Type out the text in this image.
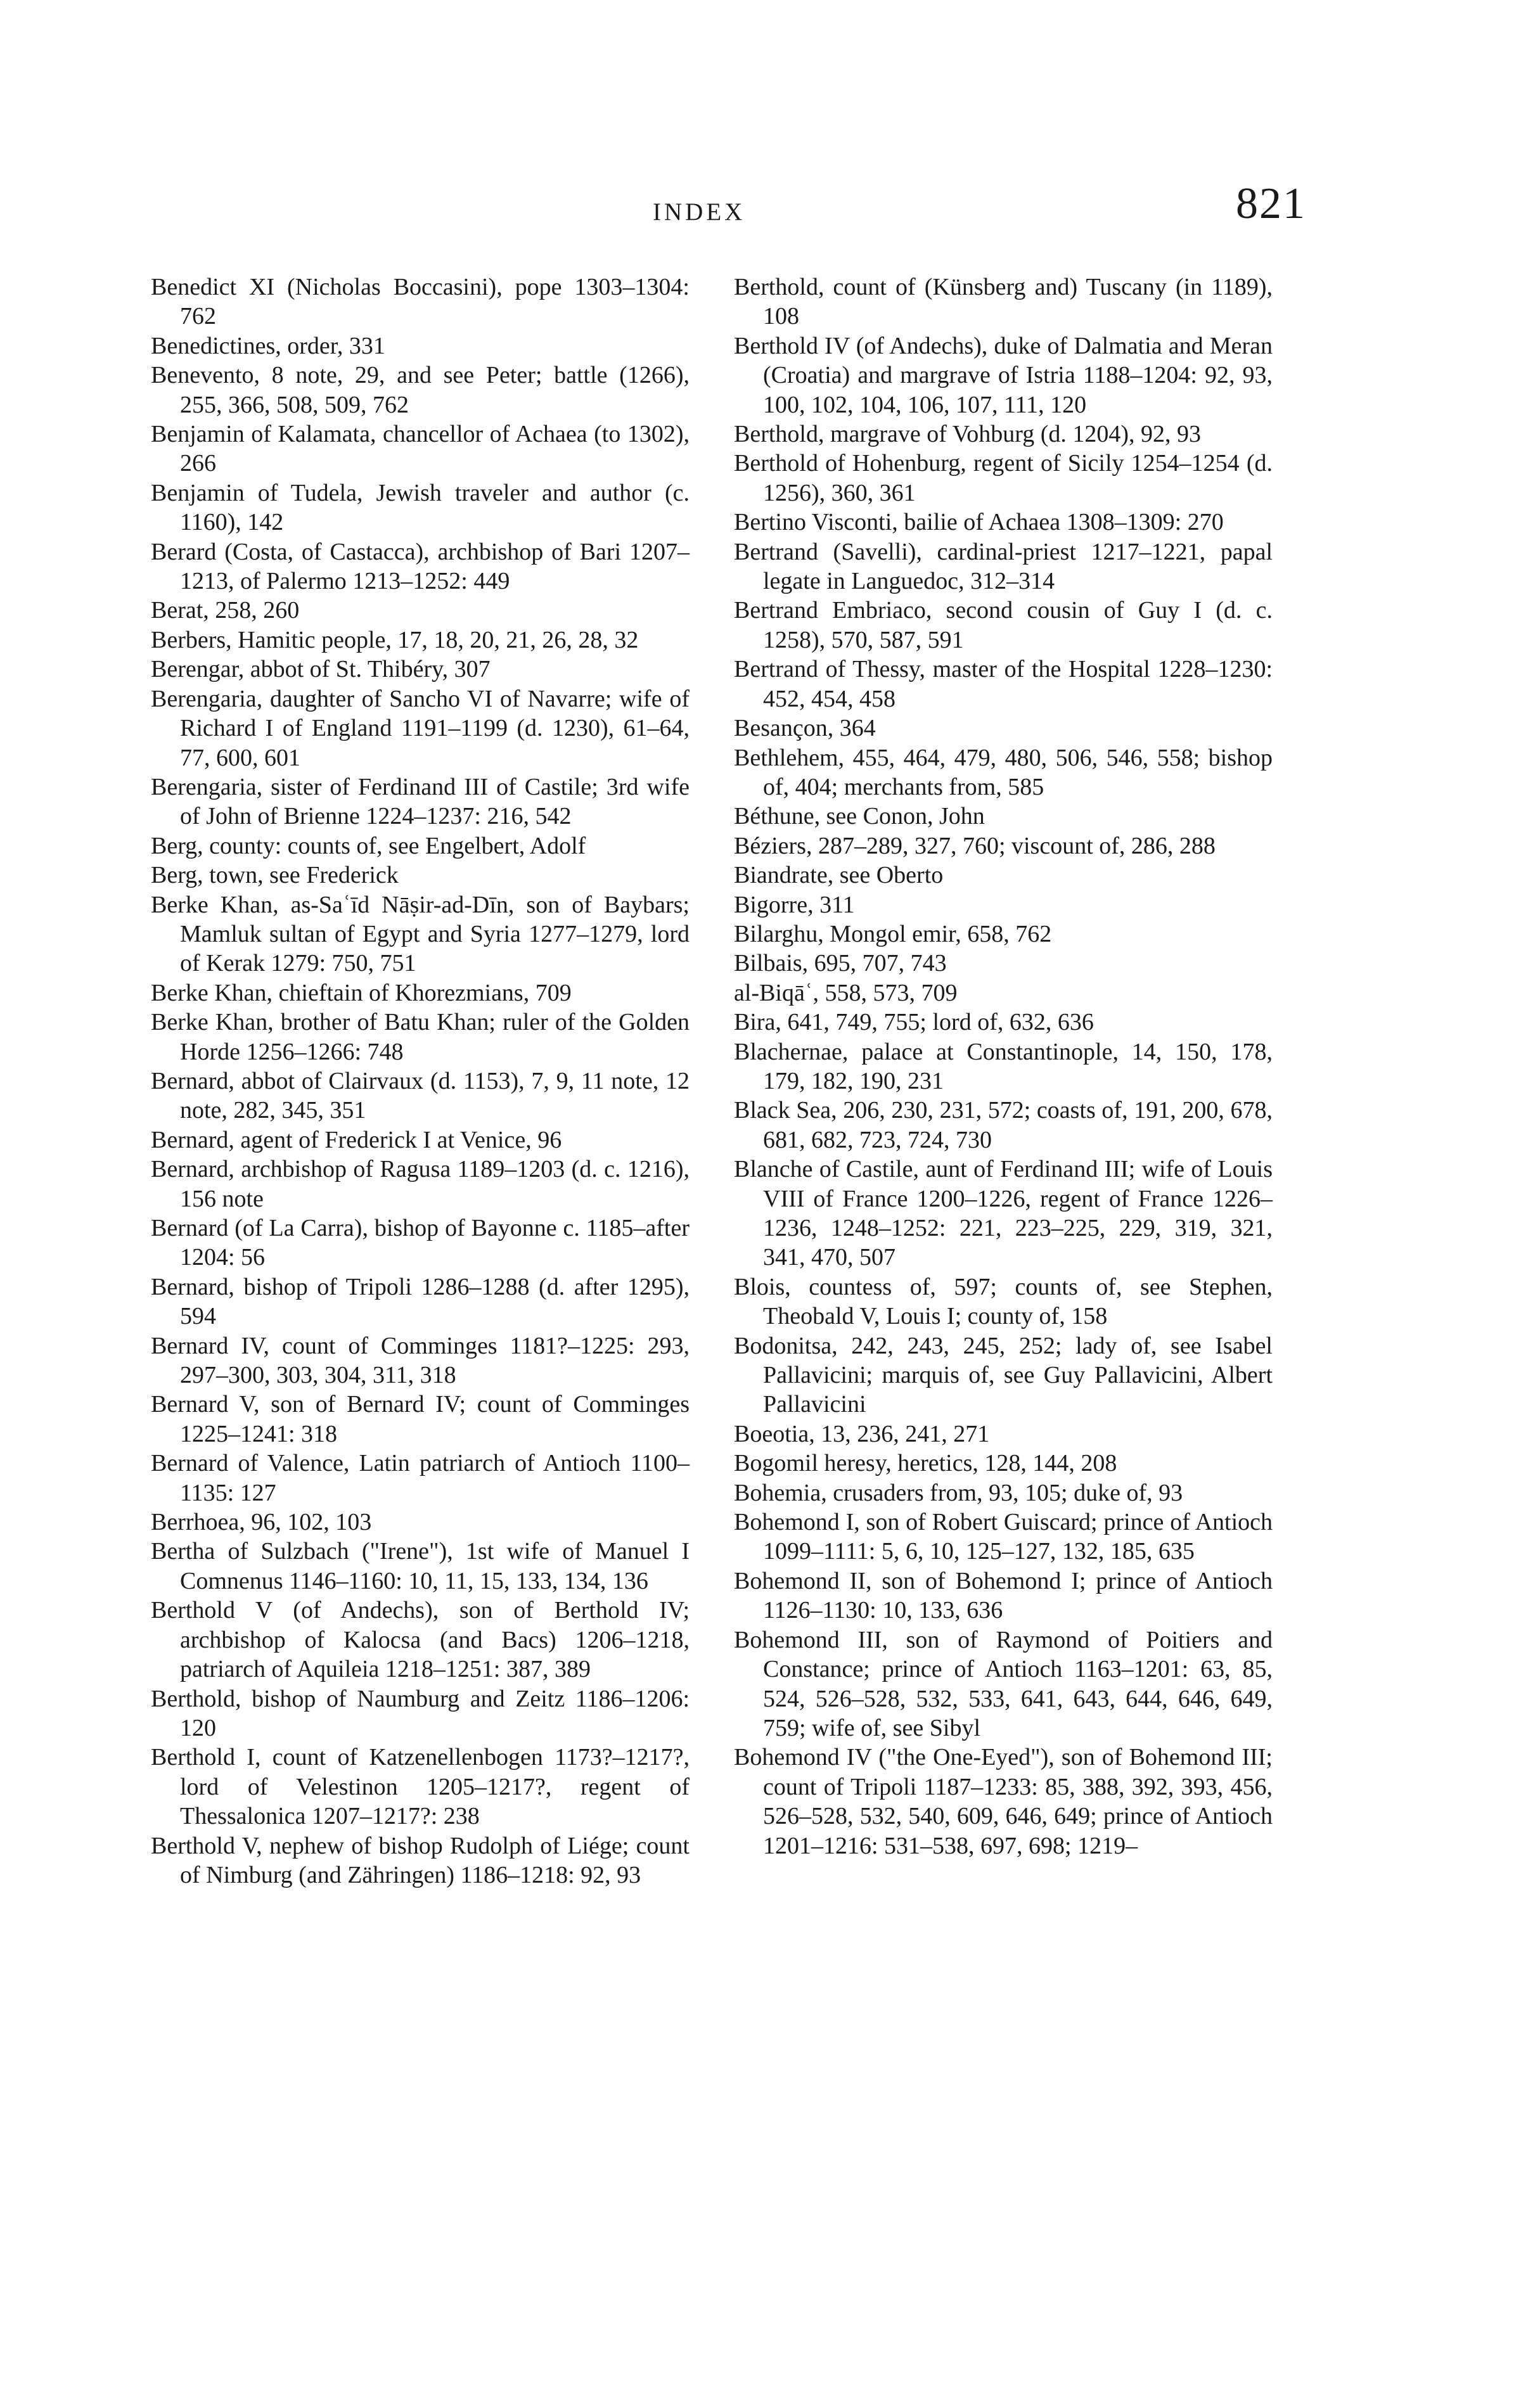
INDEX	821
Benedict XI (Nicholas Boccasini), pope 1303–1304: 762
Benedictines, order, 331
Benevento, 8 note, 29, and see Peter; battle (1266), 255, 366, 508, 509, 762
Benjamin of Kalamata, chancellor of Achaea (to 1302), 266
Benjamin of Tudela, Jewish traveler and author (c. 1160), 142
Berard (Costa, of Castacca), archbishop of Bari 1207–1213, of Palermo 1213–1252: 449
Berat, 258, 260
Berbers, Hamitic people, 17, 18, 20, 21, 26, 28, 32
Berengar, abbot of St. Thibéry, 307
Berengaria, daughter of Sancho VI of Navarre; wife of Richard I of England 1191–1199 (d. 1230), 61–64, 77, 600, 601
Berengaria, sister of Ferdinand III of Castile; 3rd wife of John of Brienne 1224–1237: 216, 542
Berg, county: counts of, see Engelbert, Adolf
Berg, town, see Frederick
Berke Khan, as-Saʿīd Nāṣir-ad-Dīn, son of Baybars; Mamluk sultan of Egypt and Syria 1277–1279, lord of Kerak 1279: 750, 751
Berke Khan, chieftain of Khorezmians, 709
Berke Khan, brother of Batu Khan; ruler of the Golden Horde 1256–1266: 748
Bernard, abbot of Clairvaux (d. 1153), 7, 9, 11 note, 12 note, 282, 345, 351
Bernard, agent of Frederick I at Venice, 96
Bernard, archbishop of Ragusa 1189–1203 (d. c. 1216), 156 note
Bernard (of La Carra), bishop of Bayonne c. 1185–after 1204: 56
Bernard, bishop of Tripoli 1286–1288 (d. after 1295), 594
Bernard IV, count of Comminges 1181?–1225: 293, 297–300, 303, 304, 311, 318
Bernard V, son of Bernard IV; count of Comminges 1225–1241: 318
Bernard of Valence, Latin patriarch of Antioch 1100–1135: 127
Berrhoea, 96, 102, 103
Bertha of Sulzbach ("Irene"), 1st wife of Manuel I Comnenus 1146–1160: 10, 11, 15, 133, 134, 136
Berthold V (of Andechs), son of Berthold IV; archbishop of Kalocsa (and Bacs) 1206–1218, patriarch of Aquileia 1218–1251: 387, 389
Berthold, bishop of Naumburg and Zeitz 1186–1206: 120
Berthold I, count of Katzenellenbogen 1173?–1217?, lord of Velestinon 1205–1217?, regent of Thessalonica 1207–1217?: 238
Berthold V, nephew of bishop Rudolph of Liége; count of Nimburg (and Zähringen) 1186–1218: 92, 93
Berthold, count of (Künsberg and) Tuscany (in 1189), 108
Berthold IV (of Andechs), duke of Dalmatia and Meran (Croatia) and margrave of Istria 1188–1204: 92, 93, 100, 102, 104, 106, 107, 111, 120
Berthold, margrave of Vohburg (d. 1204), 92, 93
Berthold of Hohenburg, regent of Sicily 1254–1254 (d. 1256), 360, 361
Bertino Visconti, bailie of Achaea 1308–1309: 270
Bertrand (Savelli), cardinal-priest 1217–1221, papal legate in Languedoc, 312–314
Bertrand Embriaco, second cousin of Guy I (d. c. 1258), 570, 587, 591
Bertrand of Thessy, master of the Hospital 1228–1230: 452, 454, 458
Besançon, 364
Bethlehem, 455, 464, 479, 480, 506, 546, 558; bishop of, 404; merchants from, 585
Béthune, see Conon, John
Béziers, 287–289, 327, 760; viscount of, 286, 288
Biandrate, see Oberto
Bigorre, 311
Bilarghu, Mongol emir, 658, 762
Bilbais, 695, 707, 743
al-Biqāʿ, 558, 573, 709
Bira, 641, 749, 755; lord of, 632, 636
Blachernae, palace at Constantinople, 14, 150, 178, 179, 182, 190, 231
Black Sea, 206, 230, 231, 572; coasts of, 191, 200, 678, 681, 682, 723, 724, 730
Blanche of Castile, aunt of Ferdinand III; wife of Louis VIII of France 1200–1226, regent of France 1226–1236, 1248–1252: 221, 223–225, 229, 319, 321, 341, 470, 507
Blois, countess of, 597; counts of, see Stephen, Theobald V, Louis I; county of, 158
Bodonitsa, 242, 243, 245, 252; lady of, see Isabel Pallavicini; marquis of, see Guy Pallavicini, Albert Pallavicini
Boeotia, 13, 236, 241, 271
Bogomil heresy, heretics, 128, 144, 208
Bohemia, crusaders from, 93, 105; duke of, 93
Bohemond I, son of Robert Guiscard; prince of Antioch 1099–1111: 5, 6, 10, 125–127, 132, 185, 635
Bohemond II, son of Bohemond I; prince of Antioch 1126–1130: 10, 133, 636
Bohemond III, son of Raymond of Poitiers and Constance; prince of Antioch 1163–1201: 63, 85, 524, 526–528, 532, 533, 641, 643, 644, 646, 649, 759; wife of, see Sibyl
Bohemond IV ("the One-Eyed"), son of Bohemond III; count of Tripoli 1187–1233: 85, 388, 392, 393, 456, 526–528, 532, 540, 609, 646, 649; prince of Antioch 1201–1216: 531–538, 697, 698; 1219–
